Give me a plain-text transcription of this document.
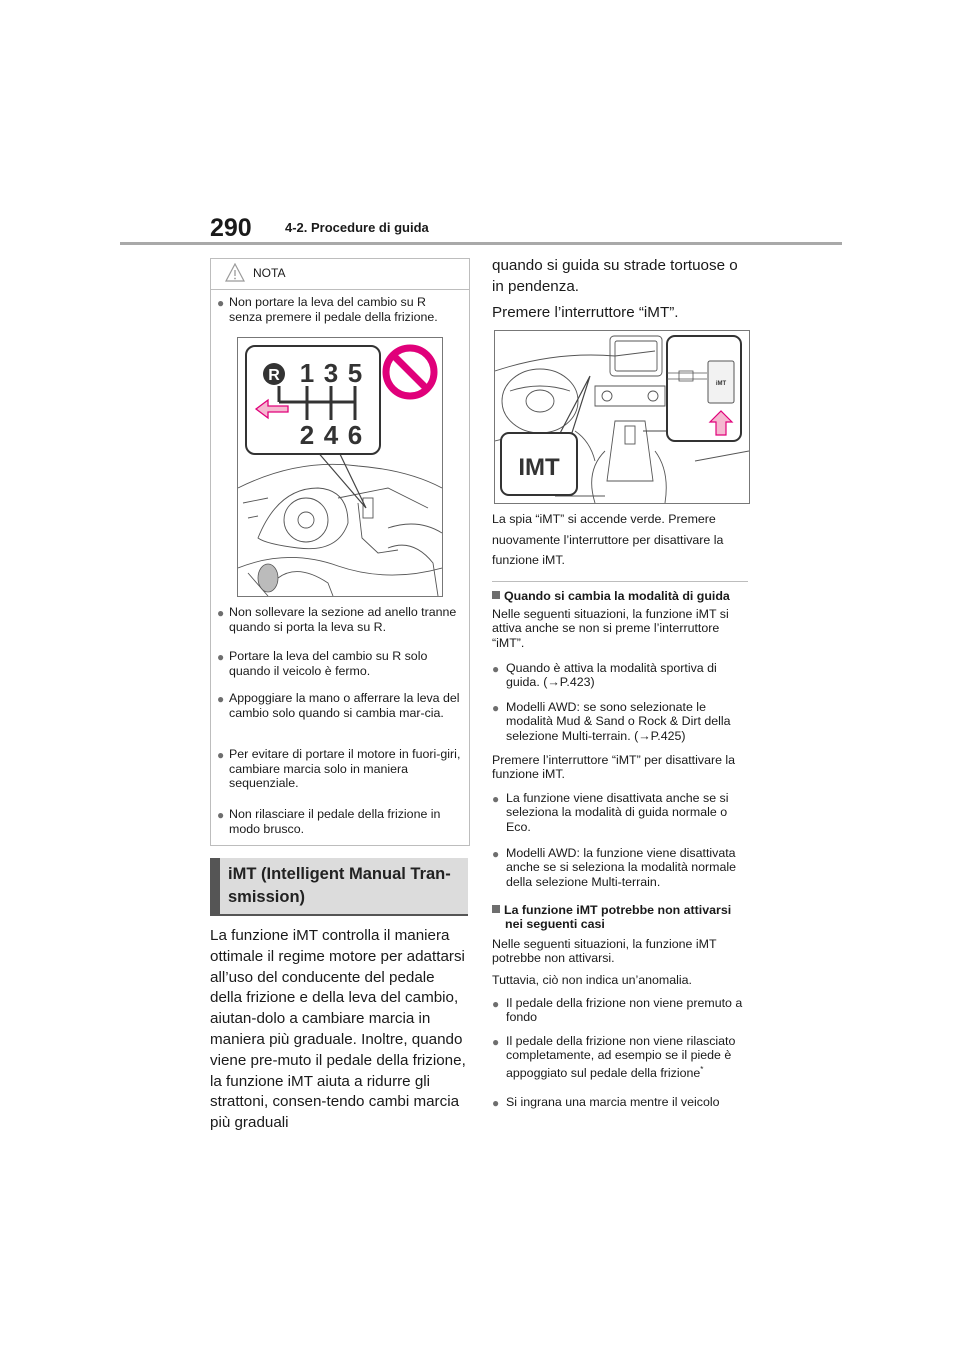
290	4-2. Procedure di guida
NOTA
● Non portare la leva del cambio su R senza premere il pedale della frizione.
R 1 3 5
2 4 6
● Non sollevare la sezione ad anello tranne quando si porta la leva su R.
● Portare la leva del cambio su R solo quando il veicolo è fermo.
● Appoggiare la mano o afferrare la leva del cambio solo quando si cambia mar-cia.
● Per evitare di portare il motore in fuori-giri, cambiare marcia solo in maniera sequenziale.
● Non rilasciare il pedale della frizione in modo brusco.
iMT (Intelligent Manual Tran-
smission)
La funzione iMT controlla il maniera ottimale il regime motore per adattarsi all’uso del conducente del pedale della frizione e della leva del cambio, aiutan-dolo a cambiare marcia in maniera più graduale. Inoltre, quando viene pre-muto il pedale della frizione, la funzione iMT aiuta a ridurre gli strattoni, consen-tendo cambi marcia più graduali
quando si guida su strade tortuose o in pendenza.
Premere l’interruttore “iMT”.
IMT
iMT
La spia “iMT” si accende verde. Premere nuovamente l’interruttore per disattivare la funzione iMT.
Quando si cambia la modalità di guida
Nelle seguenti situazioni, la funzione iMT si attiva anche se non si preme l’interruttore “iMT”.
● Quando è attiva la modalità sportiva di guida. (→P.423)
● Modelli AWD: se sono selezionate le modalità Mud & Sand o Rock & Dirt della selezione Multi-terrain. (→P.425)
Premere l’interruttore “iMT” per disattivare la funzione iMT.
● La funzione viene disattivata anche se si seleziona la modalità di guida normale o Eco.
● Modelli AWD: la funzione viene disattivata anche se si seleziona la modalità normale della selezione Multi-terrain.
La funzione iMT potrebbe non attivarsi
nei seguenti casi
Nelle seguenti situazioni, la funzione iMT potrebbe non attivarsi.
Tuttavia, ciò non indica un’anomalia.
● Il pedale della frizione non viene premuto a fondo
● Il pedale della frizione non viene rilasciato completamente, ad esempio se il piede è appoggiato sul pedale della frizione*
● Si ingrana una marcia mentre il veicolo
